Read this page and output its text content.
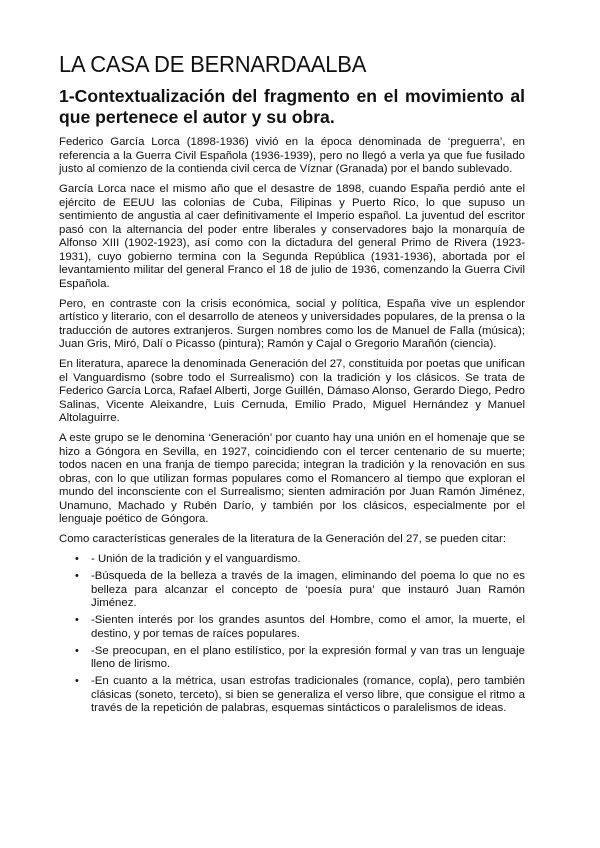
LA CASA DE BERNARDAALBA
1-Contextualización del fragmento en el movimiento al que pertenece el autor y su obra.

Federico García Lorca (1898-1936) vivió en la época denominada de ‘preguerra’, en referencia a la Guerra Civil Española (1936-1939), pero no llegó a verla ya que fue fusilado justo al comienzo de la contienda civil cerca de Víznar (Granada) por el bando sublevado.

García Lorca nace el mismo año que el desastre de 1898, cuando España perdió ante el ejército de EEUU las colonias de Cuba, Filipinas y Puerto Rico, lo que supuso un sentimiento de angustia al caer definitivamente el Imperio español. La juventud del escritor pasó con la alternancia del poder entre liberales y conservadores bajo la monarquía de Alfonso XIII (1902-1923), así como con la dictadura del general Primo de Rivera (1923-1931), cuyo gobierno termina con la Segunda República (1931-1936), abortada por el levantamiento militar del general Franco el 18 de julio de 1936, comenzando la Guerra Civil Española.

Pero, en contraste con la crisis económica, social y política, España vive un esplendor artístico y literario, con el desarrollo de ateneos y universidades populares, de la prensa o la traducción de autores extranjeros. Surgen nombres como los de Manuel de Falla (música); Juan Gris, Miró, Dalí o Picasso (pintura); Ramón y Cajal o Gregorio Marañón (ciencia).

En literatura, aparece la denominada Generación del 27, constituida por poetas que unifican el Vanguardismo (sobre todo el Surrealismo) con la tradición y los clásicos. Se trata de Federico García Lorca, Rafael Alberti, Jorge Guillén, Dámaso Alonso, Gerardo Diego, Pedro Salinas, Vicente Aleixandre, Luis Cernuda, Emilio Prado, Miguel Hernández y Manuel Altolaguirre.

A este grupo se le denomina ‘Generación’ por cuanto hay una unión en el homenaje que se hizo a Góngora en Sevilla, en 1927, coincidiendo con el tercer centenario de su muerte; todos nacen en una franja de tiempo parecida; integran la tradición y la renovación en sus obras, con lo que utilizan formas populares como el Romancero al tiempo que exploran el mundo del inconsciente con el Surrealismo; sienten admiración por Juan Ramón Jiménez, Unamuno, Machado y Rubén Darío, y también por los clásicos, especialmente por el lenguaje poético de Góngora.

Como características generales de la literatura de la Generación del 27, se pueden citar:

• - Unión de la tradición y el vanguardismo.
• -Búsqueda de la belleza a través de la imagen, eliminando del poema lo que no es belleza para alcanzar el concepto de ‘poesía pura’ que instauró Juan Ramón Jiménez.
• -Sienten interés por los grandes asuntos del Hombre, como el amor, la muerte, el destino, y por temas de raíces populares.
• -Se preocupan, en el plano estilístico, por la expresión formal y van tras un lenguaje lleno de lirismo.
• -En cuanto a la métrica, usan estrofas tradicionales (romance, copla), pero también clásicas (soneto, terceto), si bien se generaliza el verso libre, que consigue el ritmo a través de la repetición de palabras, esquemas sintácticos o paralelismos de ideas.
